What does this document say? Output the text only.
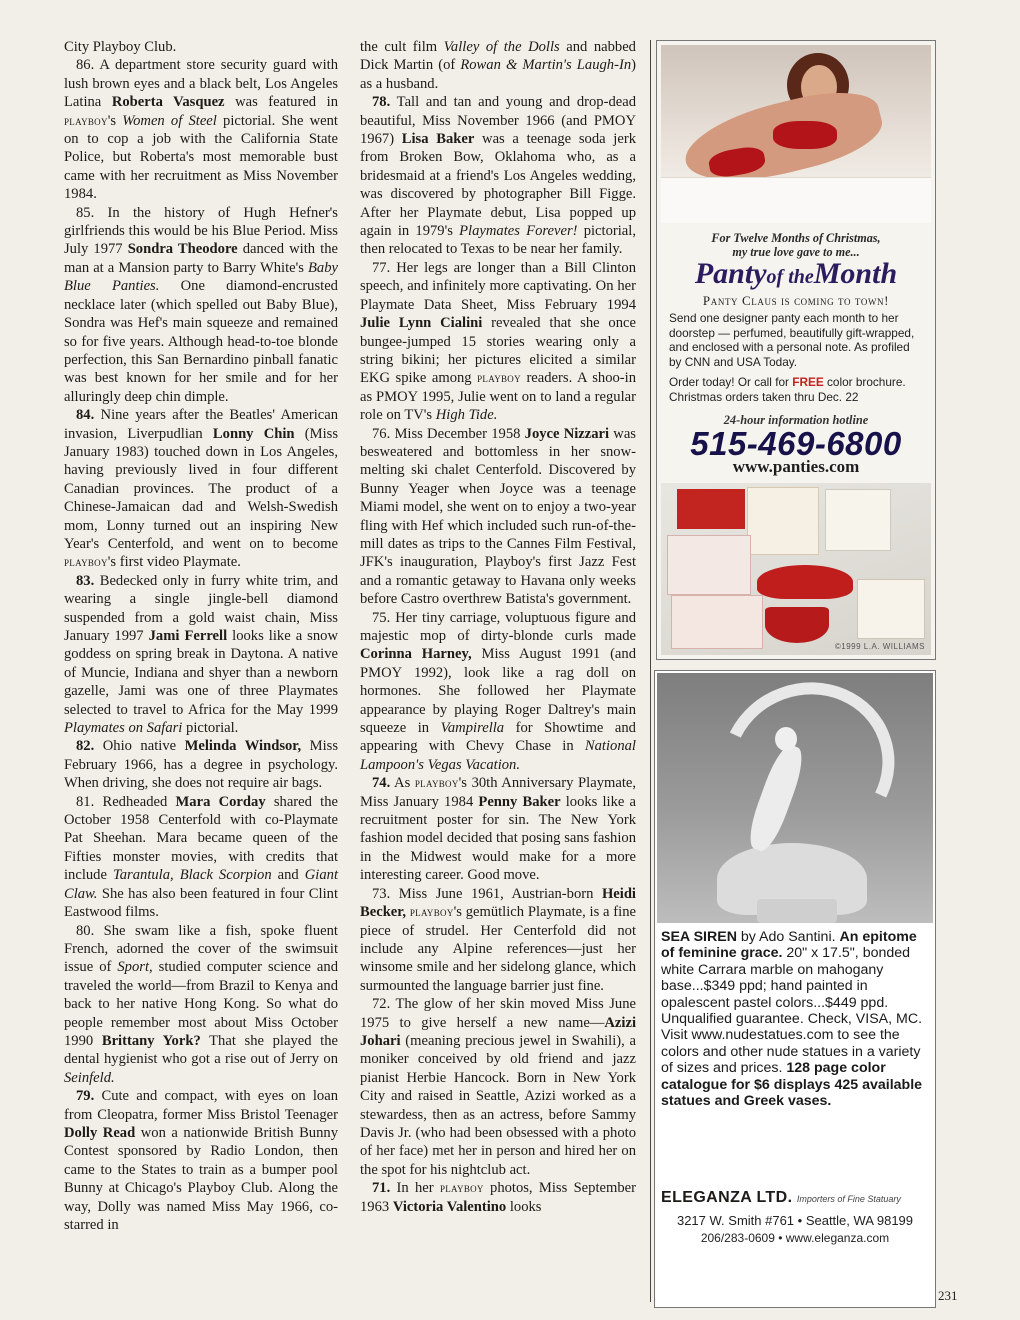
City Playboy Club.

86. A department store security guard with lush brown eyes and a black belt, Los Angeles Latina Roberta Vasquez was featured in playboy's Women of Steel pictorial. She went on to cop a job with the California State Police, but Roberta's most memorable bust came with her recruitment as Miss November 1984.

85. In the history of Hugh Hefner's girlfriends this would be his Blue Period. Miss July 1977 Sondra Theodore danced with the man at a Mansion party to Barry White's Baby Blue Panties. One diamond-encrusted necklace later (which spelled out Baby Blue), Sondra was Hef's main squeeze and remained so for five years. Although head-to-toe blonde perfection, this San Bernardino pinball fanatic was best known for her smile and for her alluringly deep chin dimple.

84. Nine years after the Beatles' American invasion, Liverpudlian Lonny Chin (Miss January 1983) touched down in Los Angeles, having previously lived in four different Canadian provinces. The product of a Chinese-Jamaican dad and Welsh-Swedish mom, Lonny turned out an inspiring New Year's Centerfold, and went on to become playboy's first video Playmate.

83. Bedecked only in furry white trim, and wearing a single jingle-bell diamond suspended from a gold waist chain, Miss January 1997 Jami Ferrell looks like a snow goddess on spring break in Daytona. A native of Muncie, Indiana and shyer than a newborn gazelle, Jami was one of three Playmates selected to travel to Africa for the May 1999 Playmates on Safari pictorial.

82. Ohio native Melinda Windsor, Miss February 1966, has a degree in psychology. When driving, she does not require air bags.

81. Redheaded Mara Corday shared the October 1958 Centerfold with co-Playmate Pat Sheehan. Mara became queen of the Fifties monster movies, with credits that include Tarantula, Black Scorpion and Giant Claw. She has also been featured in four Clint Eastwood films.

80. She swam like a fish, spoke fluent French, adorned the cover of the swimsuit issue of Sport, studied computer science and traveled the world—from Brazil to Kenya and back to her native Hong Kong. So what do people remember most about Miss October 1990 Brittany York? That she played the dental hygienist who got a rise out of Jerry on Seinfeld.

79. Cute and compact, with eyes on loan from Cleopatra, former Miss Bristol Teenager Dolly Read won a nationwide British Bunny Contest sponsored by Radio London, then came to the States to train as a bumper pool Bunny at Chicago's Playboy Club. Along the way, Dolly was named Miss May 1966, co-starred in

the cult film Valley of the Dolls and nabbed Dick Martin (of Rowan & Martin's Laugh-In) as a husband.

78. Tall and tan and young and drop-dead beautiful, Miss November 1966 (and PMOY 1967) Lisa Baker was a teenage soda jerk from Broken Bow, Oklahoma who, as a bridesmaid at a friend's Los Angeles wedding, was discovered by photographer Bill Figge. After her Playmate debut, Lisa popped up again in 1979's Playmates Forever! pictorial, then relocated to Texas to be near her family.

77. Her legs are longer than a Bill Clinton speech, and infinitely more captivating. On her Playmate Data Sheet, Miss February 1994 Julie Lynn Cialini revealed that she once bungee-jumped 15 stories wearing only a string bikini; her pictures elicited a similar EKG spike among playboy readers. A shoo-in as PMOY 1995, Julie went on to land a regular role on TV's High Tide.

76. Miss December 1958 Joyce Nizzari was besweatered and bottomless in her snow-melting ski chalet Centerfold. Discovered by Bunny Yeager when Joyce was a teenage Miami model, she went on to enjoy a two-year fling with Hef which included such run-of-the-mill dates as trips to the Cannes Film Festival, JFK's inauguration, Playboy's first Jazz Fest and a romantic getaway to Havana only weeks before Castro overthrew Batista's government.

75. Her tiny carriage, voluptuous figure and majestic mop of dirty-blonde curls made Corinna Harney, Miss August 1991 (and PMOY 1992), look like a rag doll on hormones. She followed her Playmate appearance by playing Roger Daltrey's main squeeze in Vampirella for Showtime and appearing with Chevy Chase in National Lampoon's Vegas Vacation.

74. As playboy's 30th Anniversary Playmate, Miss January 1984 Penny Baker looks like a recruitment poster for sin. The New York fashion model decided that posing sans fashion in the Midwest would make for a more interesting career. Good move.

73. Miss June 1961, Austrian-born Heidi Becker, playboy's gemütlich Playmate, is a fine piece of strudel. Her Centerfold did not include any Alpine references—just her winsome smile and her sidelong glance, which surmounted the language barrier just fine.

72. The glow of her skin moved Miss June 1975 to give herself a new name—Azizi Johari (meaning precious jewel in Swahili), a moniker conceived by old friend and jazz pianist Herbie Hancock. Born in New York City and raised in Seattle, Azizi worked as a stewardess, then as an actress, before Sammy Davis Jr. (who had been obsessed with a photo of her face) met her in person and hired her on the spot for his nightclub act.

71. In her playboy photos, Miss September 1963 Victoria Valentino looks

For Twelve Months of Christmas,
my true love gave to me...
Pantyof theMonth
Panty Claus is coming to town!
Send one designer panty each month to her doorstep — perfumed, beautifully gift-wrapped, and enclosed with a personal note. As profiled by CNN and USA Today.
Order today! Or call for FREE color brochure. Christmas orders taken thru Dec. 22
24-hour information hotline
515-469-6800
www.panties.com
©1999 L.A. WILLIAMS
SEA SIREN by Ado Santini. An epitome of feminine grace. 20" x 17.5", bonded white Carrara marble on mahogany base...$349 ppd; hand painted in opalescent pastel colors...$449 ppd. Unqualified guarantee. Check, VISA, MC. Visit www.nudestatues.com to see the colors and other nude statues in a variety of sizes and prices. 128 page color catalogue for $6 displays 425 available statues and Greek vases.
ELEGANZA LTD. Importers of Fine Statuary
3217 W. Smith #761 • Seattle, WA 98199
206/283-0609 • www.eleganza.com
231
